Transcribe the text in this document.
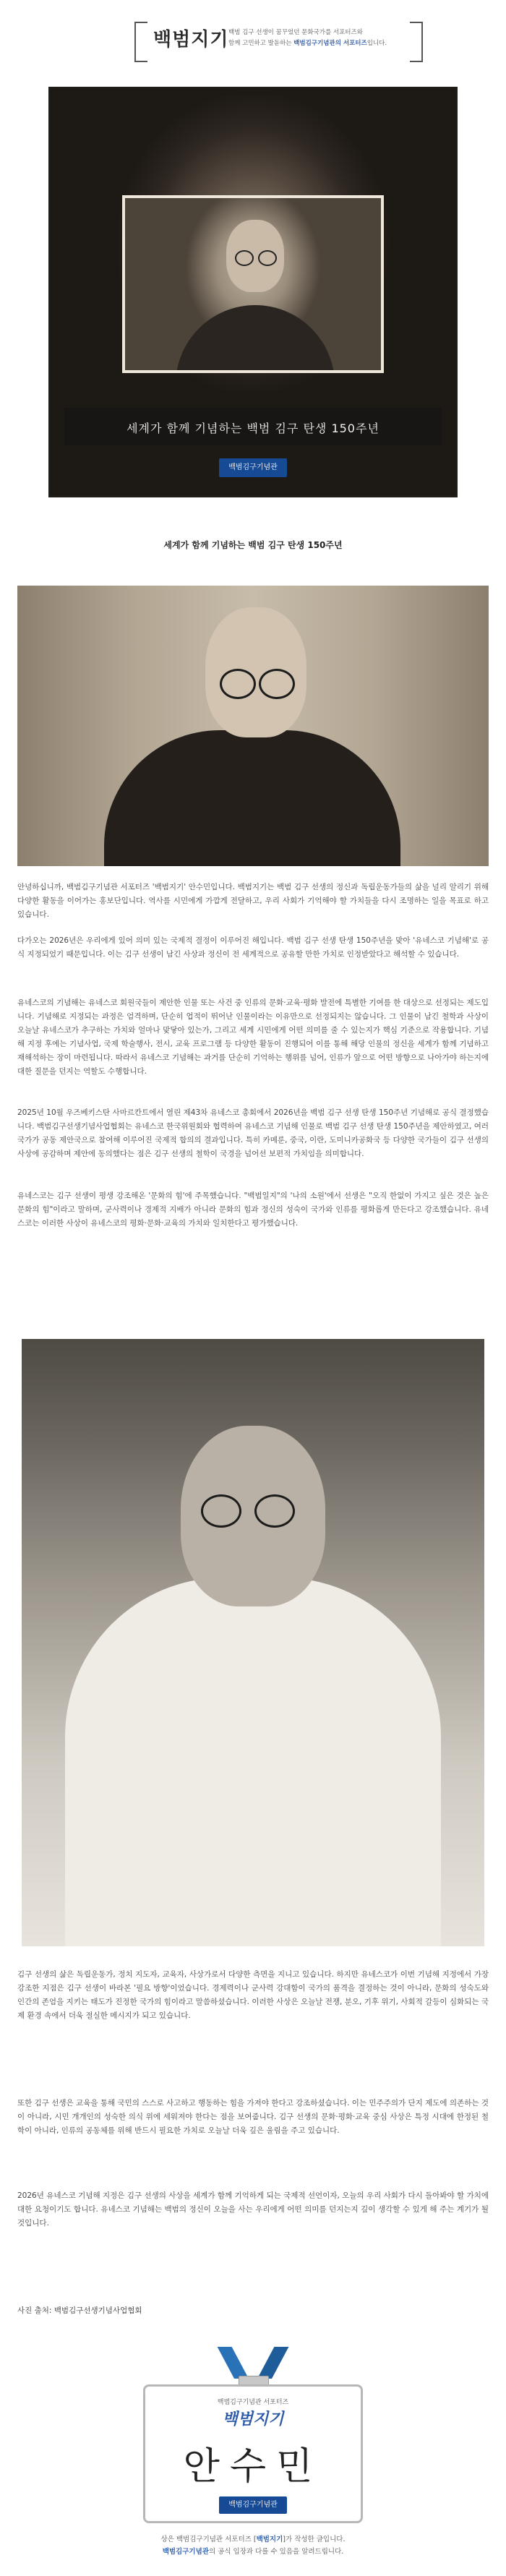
백범지기 백범 김구 선생이 꿈꾸었던 문화국가를 서포터즈와
함께 고민하고 발돋하는 백범김구기념관의 서포터즈입니다.
세계가 함께 기념하는 백범 김구 탄생 150주년
백범김구기념관
세계가 함께 기념하는 백범 김구 탄생 150주년

안녕하십니까, 백범김구기념관 서포터즈 '백범지기' 안수민입니다. 백범지기는 백범 김구 선생의 정신과 독립운동가들의 삶을 널리 알리기 위해 다양한 활동을 이어가는 홍보단입니다. 역사를 시민에게 가깝게 전달하고, 우리 사회가 기억해야 할 가치들을 다시 조명하는 일을 목표로 하고 있습니다.

다가오는 2026년은 우리에게 있어 의미 있는 국제적 결정이 이루어진 해입니다. 백범 김구 선생 탄생 150주년을 맞아 '유네스코 기념해'로 공식 지정되었기 때문입니다. 이는 김구 선생이 남긴 사상과 정신이 전 세계적으로 공유할 만한 가치로 인정받았다고 해석할 수 있습니다.

유네스코의 기념해는 유네스코 회원국들이 제안한 인물 또는 사건 중 인류의 문화·교육·평화 발전에 특별한 기여를 한 대상으로 선정되는 제도입니다. 기념해로 지정되는 과정은 엄격하며, 단순히 업적이 뛰어난 인물이라는 이유만으로 선정되지는 않습니다. 그 인물이 남긴 철학과 사상이 오늘날 유네스코가 추구하는 가치와 얼마나 맞닿아 있는가, 그리고 세계 시민에게 어떤 의미를 줄 수 있는지가 핵심 기준으로 작용합니다. 기념해 지정 후에는 기념사업, 국제 학술행사, 전시, 교육 프로그램 등 다양한 활동이 진행되어 이를 통해 해당 인물의 정신을 세계가 함께 기념하고 재해석하는 장이 마련됩니다. 따라서 유네스코 기념해는 과거를 단순히 기억하는 행위를 넘어, 인류가 앞으로 어떤 방향으로 나아가야 하는지에 대한 질문을 던지는 역할도 수행합니다.

2025년 10월 우즈베키스탄 사마르칸트에서 열린 제43차 유네스코 총회에서 2026년을 백범 김구 선생 탄생 150주년 기념해로 공식 결정했습니다. 백범김구선생기념사업협회는 유네스코 한국위원회와 협력하여 유네스코 기념해 인물로 백범 김구 선생 탄생 150주년을 제안하였고, 여러 국가가 공동 제안국으로 참여해 이루어진 국제적 합의의 결과입니다. 특히 카메룬, 중국, 이란, 도미니카공화국 등 다양한 국가들이 김구 선생의 사상에 공감하며 제안에 동의했다는 점은 김구 선생의 철학이 국경을 넘어선 보편적 가치임을 의미합니다.

유네스코는 김구 선생이 평생 강조해온 '문화의 힘'에 주목했습니다. "백범일지"의 '나의 소원'에서 선생은 "오직 한없이 가지고 싶은 것은 높은 문화의 힘"이라고 말하며, 군사력이나 경제적 지배가 아니라 문화의 힘과 정신의 성숙이 국가와 인류를 평화롭게 만든다고 강조했습니다. 유네스코는 이러한 사상이 유네스코의 평화·문화·교육의 가치와 일치한다고 평가했습니다.

김구 선생의 삶은 독립운동가, 정치 지도자, 교육자, 사상가로서 다양한 측면을 지니고 있습니다. 하지만 유네스코가 이번 기념해 지정에서 가장 강조한 지점은 김구 선생이 바라본 '필요 방향'이었습니다. 경제력이나 군사력 강대함이 국가의 품격을 결정하는 것이 아니라, 문화의 성숙도와 인간의 존엄을 지키는 태도가 진정한 국가의 힘이라고 말씀하셨습니다. 이러한 사상은 오늘날 전쟁, 분오, 기후 위기, 사회적 갈등이 심화되는 국제 환경 속에서 더욱 절실한 메시지가 되고 있습니다.

또한 김구 선생은 교육을 통해 국민의 스스로 사고하고 행동하는 힘을 가져야 한다고 강조하셨습니다. 이는 민주주의가 단지 제도에 의존하는 것이 아니라, 시민 개개인의 성숙한 의식 위에 세워져야 한다는 점을 보여줍니다. 김구 선생의 문화·평화·교육 중심 사상은 특정 시대에 한정된 철학이 아니라, 인류의 공동체를 위해 반드시 필요한 가치로 오늘날 더욱 깊은 울림을 주고 있습니다.

2026년 유네스코 기념해 지정은 김구 선생의 사상을 세계가 함께 기억하게 되는 국제적 선언이자, 오늘의 우리 사회가 다시 돌아봐야 할 가치에 대한 요청이기도 합니다. 유네스코 기념해는 백범의 정신이 오늘을 사는 우리에게 어떤 의미를 던지는지 깊이 생각할 수 있게 해 주는 계기가 될 것입니다.

사진 출처: 백범김구선생기념사업협회
백범김구기념관 서포터즈
백범지기
안수민
백범김구기념관
상은 백범김구기념관 서포터즈 [백범지기]가 작성한 글입니다.
백범김구기념관의 공식 입장과 다를 수 있음을 알려드립니다.
